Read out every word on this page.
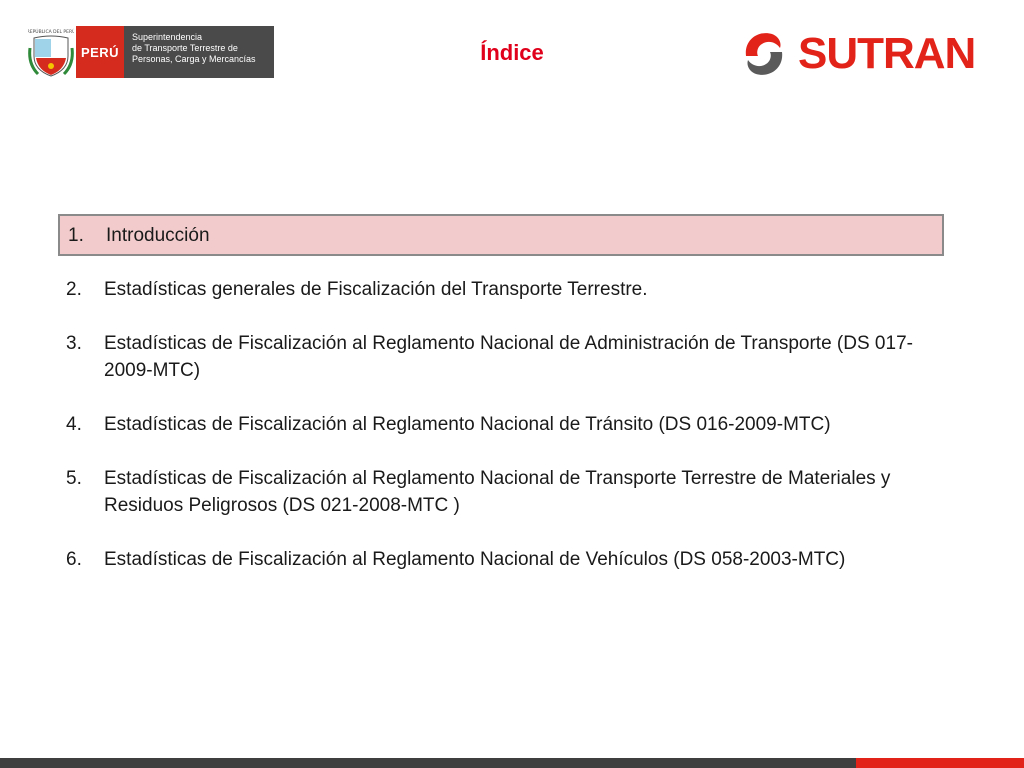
REPÚBLICA DEL PERÚ
PERÚ
Superintendencia
de Transporte Terrestre de
Personas, Carga y Mercancías	Índice	SUTRAN
1.	Introducción
2.	Estadísticas generales de Fiscalización del Transporte Terrestre.
3.	Estadísticas de Fiscalización al Reglamento Nacional de Administración de Transporte (DS 017-2009-MTC)
4.	Estadísticas de Fiscalización al Reglamento Nacional de Tránsito (DS 016-2009-MTC)
5.	Estadísticas de Fiscalización al Reglamento Nacional de Transporte Terrestre de Materiales y Residuos Peligrosos (DS 021-2008-MTC )
6.	Estadísticas de Fiscalización al Reglamento Nacional de Vehículos (DS 058-2003-MTC)
